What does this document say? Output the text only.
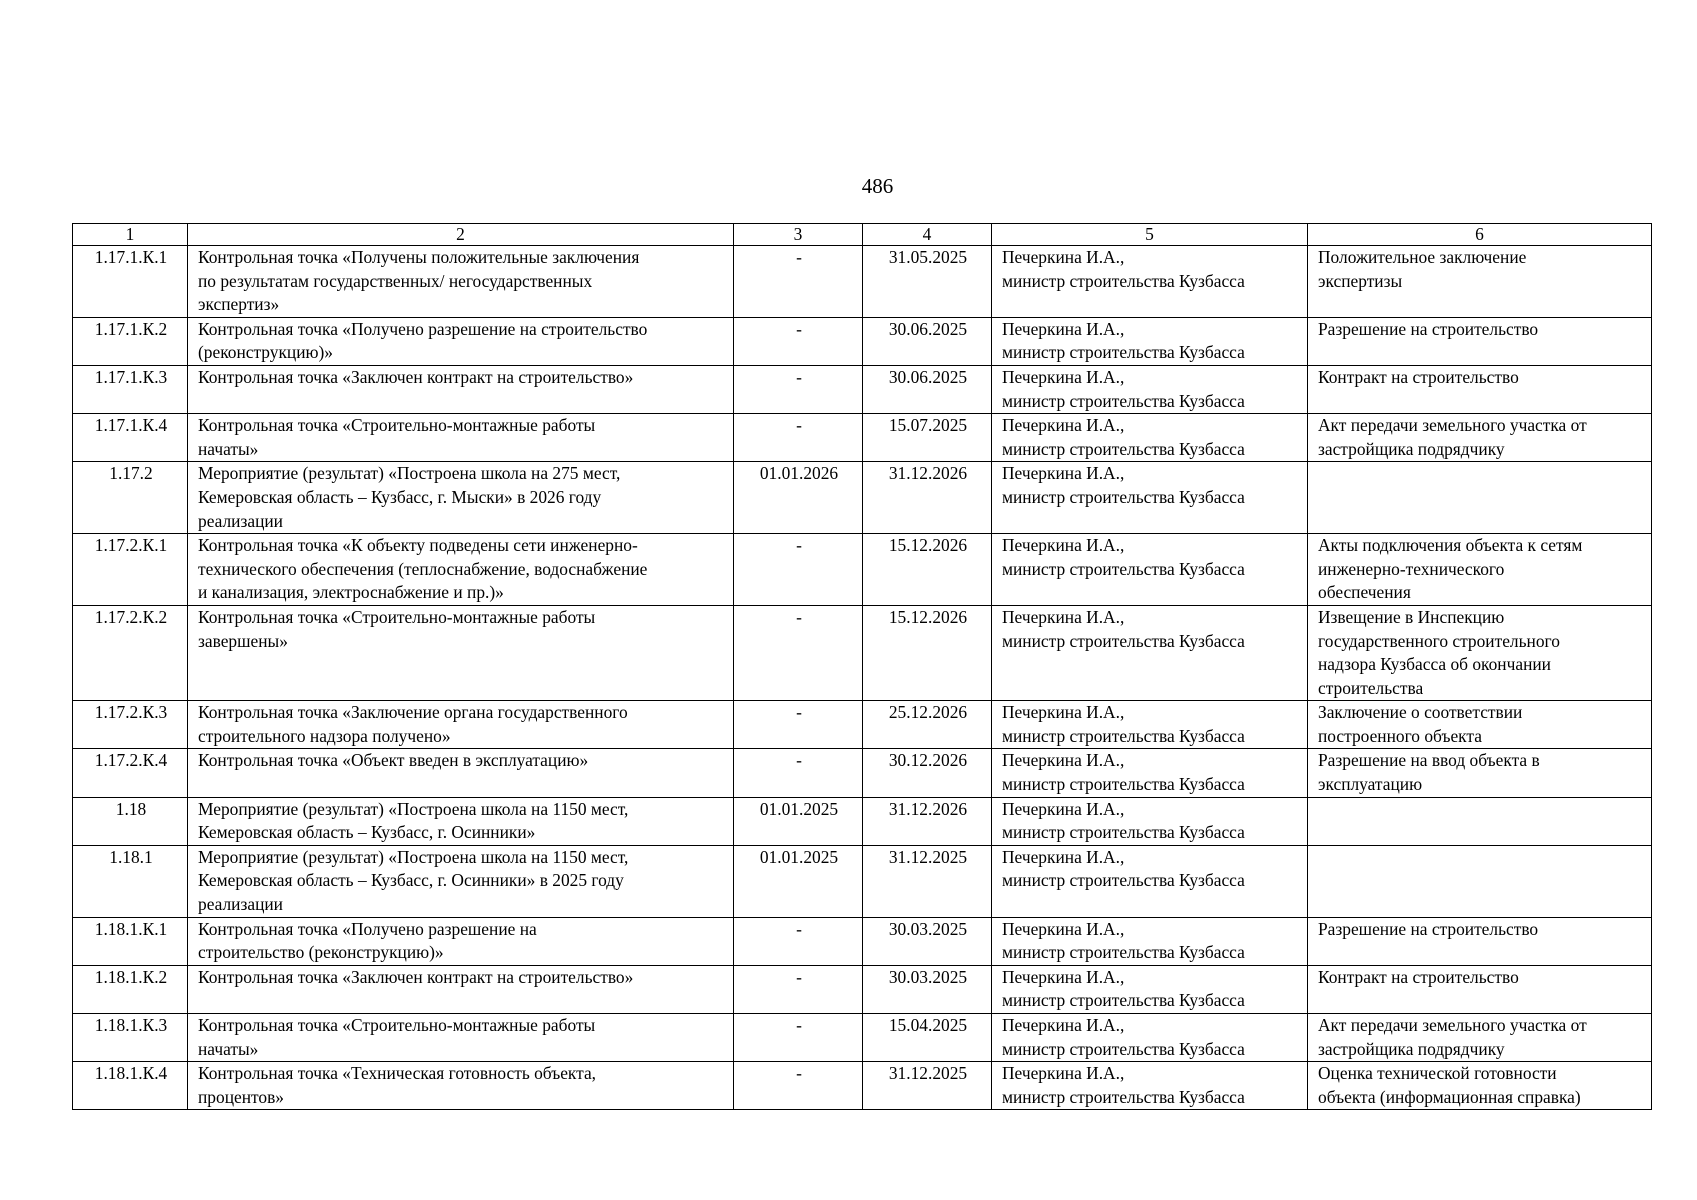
486
1	2	3	4	5	6
1.17.1.К.1	Контрольная точка «Получены положительные заключения
по результатам государственных/ негосударственных
экспертиз»	-	31.05.2025	Печеркина И.А.,
министр строительства Кузбасса	Положительное заключение
экспертизы

1.17.1.К.2	Контрольная точка «Получено разрешение на строительство
(реконструкцию)»	-	30.06.2025	Печеркина И.А.,
министр строительства Кузбасса	Разрешение на строительство

1.17.1.К.3	Контрольная точка «Заключен контракт на строительство»	-	30.06.2025	Печеркина И.А.,
министр строительства Кузбасса	Контракт на строительство

1.17.1.К.4	Контрольная точка «Строительно-монтажные работы
начаты»	-	15.07.2025	Печеркина И.А.,
министр строительства Кузбасса	Акт передачи земельного участка от
застройщика подрядчику

1.17.2	Мероприятие (результат) «Построена школа на 275 мест,
Кемеровская область – Кузбасс, г. Мыски» в 2026 году
реализации	01.01.2026	31.12.2026	Печеркина И.А.,
министр строительства Кузбасса	

1.17.2.К.1	Контрольная точка «К объекту подведены сети инженерно-
технического обеспечения (теплоснабжение, водоснабжение
и канализация, электроснабжение и пр.)»	-	15.12.2026	Печеркина И.А.,
министр строительства Кузбасса	Акты подключения объекта к сетям
инженерно-технического
обеспечения

1.17.2.К.2	Контрольная точка «Строительно-монтажные работы
завершены»	-	15.12.2026	Печеркина И.А.,
министр строительства Кузбасса	Извещение в Инспекцию
государственного строительного
надзора Кузбасса об окончании
строительства

1.17.2.К.3	Контрольная точка «Заключение органа государственного
строительного надзора получено»	-	25.12.2026	Печеркина И.А.,
министр строительства Кузбасса	Заключение о соответствии
построенного объекта

1.17.2.К.4	Контрольная точка «Объект введен в эксплуатацию»	-	30.12.2026	Печеркина И.А.,
министр строительства Кузбасса	Разрешение на ввод объекта в
эксплуатацию

1.18	Мероприятие (результат) «Построена школа на 1150 мест,
Кемеровская область – Кузбасс, г. Осинники»	01.01.2025	31.12.2026	Печеркина И.А.,
министр строительства Кузбасса	

1.18.1	Мероприятие (результат) «Построена школа на 1150 мест,
Кемеровская область – Кузбасс, г. Осинники» в 2025 году
реализации	01.01.2025	31.12.2025	Печеркина И.А.,
министр строительства Кузбасса	

1.18.1.К.1	Контрольная точка «Получено разрешение на
строительство (реконструкцию)»	-	30.03.2025	Печеркина И.А.,
министр строительства Кузбасса	Разрешение на строительство

1.18.1.К.2	Контрольная точка «Заключен контракт на строительство»	-	30.03.2025	Печеркина И.А.,
министр строительства Кузбасса	Контракт на строительство

1.18.1.К.3	Контрольная точка «Строительно-монтажные работы
начаты»	-	15.04.2025	Печеркина И.А.,
министр строительства Кузбасса	Акт передачи земельного участка от
застройщика подрядчику

1.18.1.К.4	Контрольная точка «Техническая готовность объекта,
процентов»	-	31.12.2025	Печеркина И.А.,
министр строительства Кузбасса	Оценка технической готовности
объекта (информационная справка)
